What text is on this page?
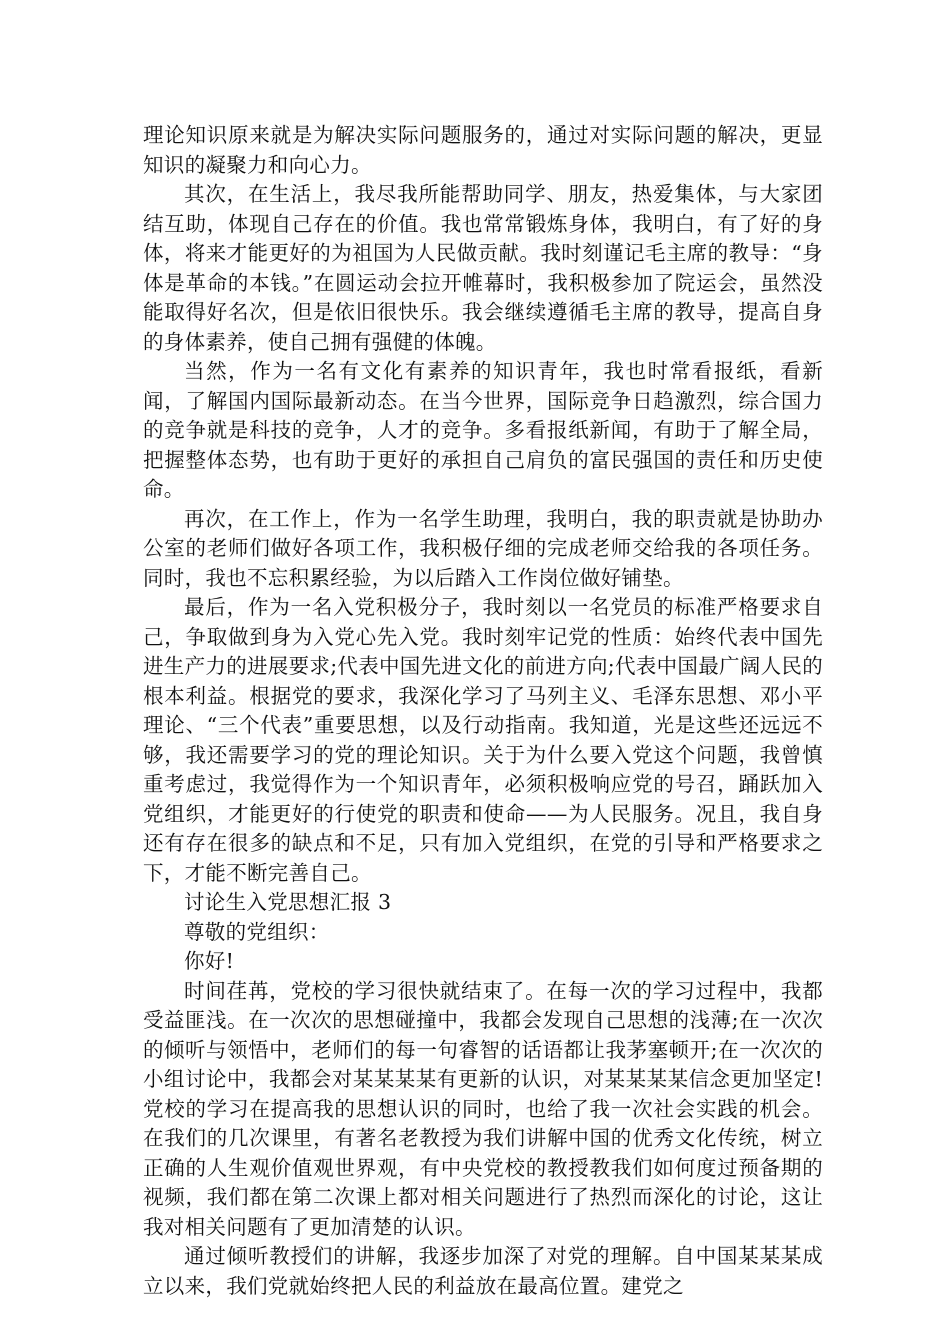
理论知识原来就是为解决实际问题服务的，通过对实际问题的解决，更显知识的凝聚力和向心力。

其次，在生活上，我尽我所能帮助同学、朋友，热爱集体，与大家团结互助，体现自己存在的价值。我也常常锻炼身体，我明白，有了好的身体，将来才能更好的为祖国为人民做贡献。我时刻谨记毛主席的教导：“身体是革命的本钱。”在圆运动会拉开帷幕时，我积极参加了院运会，虽然没能取得好名次，但是依旧很快乐。我会继续遵循毛主席的教导，提高自身的身体素养，使自己拥有强健的体魄。

当然，作为一名有文化有素养的知识青年，我也时常看报纸，看新闻，了解国内国际最新动态。在当今世界，国际竞争日趋激烈，综合国力的竞争就是科技的竞争，人才的竞争。多看报纸新闻，有助于了解全局，把握整体态势，也有助于更好的承担自己肩负的富民强国的责任和历史使命。

再次，在工作上，作为一名学生助理，我明白，我的职责就是协助办公室的老师们做好各项工作，我积极仔细的完成老师交给我的各项任务。同时，我也不忘积累经验，为以后踏入工作岗位做好铺垫。

最后，作为一名入党积极分子，我时刻以一名党员的标准严格要求自己，争取做到身为入党心先入党。我时刻牢记党的性质：始终代表中国先进生产力的进展要求;代表中国先进文化的前进方向;代表中国最广阔人民的根本利益。根据党的要求，我深化学习了马列主义、毛泽东思想、邓小平理论、“三个代表”重要思想，以及行动指南。我知道，光是这些还远远不够，我还需要学习的党的理论知识。关于为什么要入党这个问题，我曾慎重考虑过，我觉得作为一个知识青年，必须积极响应党的号召，踊跃加入党组织，才能更好的行使党的职责和使命——为人民服务。况且，我自身还有存在很多的缺点和不足，只有加入党组织，在党的引导和严格要求之下，才能不断完善自己。

讨论生入党思想汇报 3

尊敬的党组织：

你好!

时间荏苒，党校的学习很快就结束了。在每一次的学习过程中，我都受益匪浅。在一次次的思想碰撞中，我都会发现自己思想的浅薄;在一次次的倾听与领悟中，老师们的每一句睿智的话语都让我茅塞顿开;在一次次的小组讨论中，我都会对某某某某有更新的认识，对某某某某信念更加坚定!党校的学习在提高我的思想认识的同时，也给了我一次社会实践的机会。在我们的几次课里，有著名老教授为我们讲解中国的优秀文化传统，树立正确的人生观价值观世界观，有中央党校的教授教我们如何度过预备期的视频，我们都在第二次课上都对相关问题进行了热烈而深化的讨论，这让我对相关问题有了更加清楚的认识。

通过倾听教授们的讲解，我逐步加深了对党的理解。自中国某某某成立以来，我们党就始终把人民的利益放在最高位置。建党之
